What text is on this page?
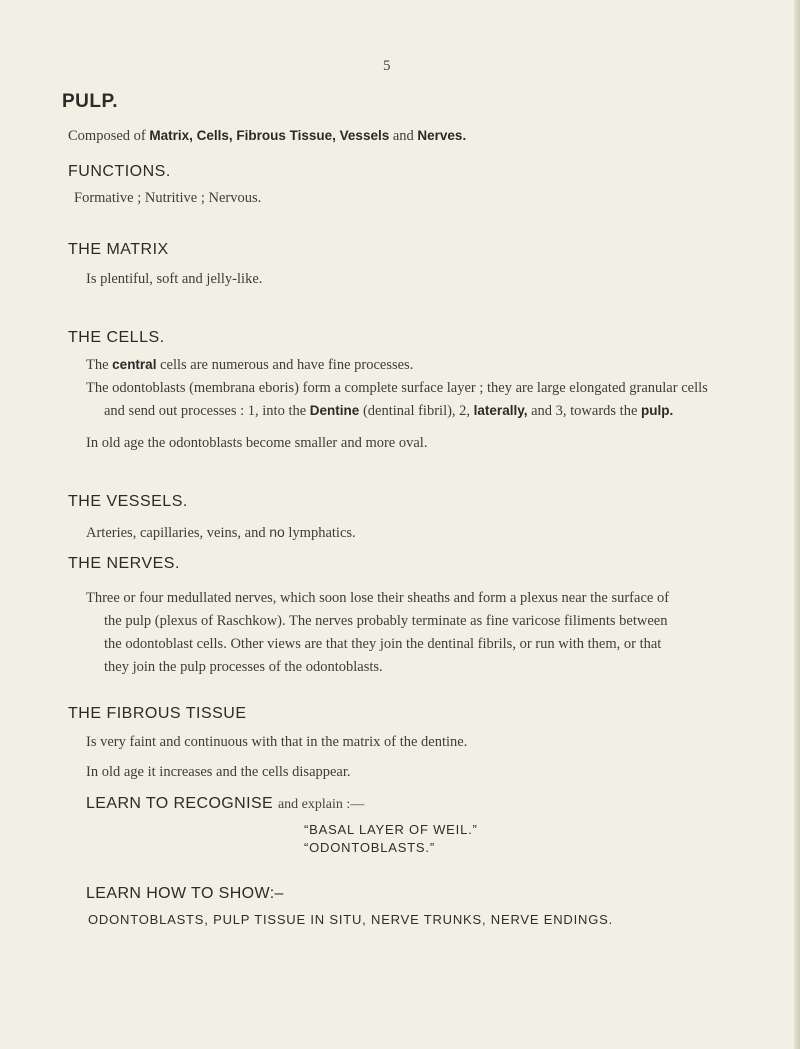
5
PULP.
Composed of Matrix, Cells, Fibrous Tissue, Vessels and Nerves.
FUNCTIONS.
Formative ; Nutritive ; Nervous.
THE MATRIX
Is plentiful, soft and jelly-like.
THE CELLS.
The central cells are numerous and have fine processes.
The odontoblasts (membrana eboris) form a complete surface layer ; they are large elongated granular cells
and send out processes : 1, into the Dentine (dentinal fibril), 2, laterally, and 3, towards the pulp.
In old age the odontoblasts become smaller and more oval.
THE VESSELS.
Arteries, capillaries, veins, and no lymphatics.
THE NERVES.
Three or four medullated nerves, which soon lose their sheaths and form a plexus near the surface of
the pulp (plexus of Raschkow). The nerves probably terminate as fine varicose filiments between
the odontoblast cells. Other views are that they join the dentinal fibrils, or run with them, or that
they join the pulp processes of the odontoblasts.
THE FIBROUS TISSUE
Is very faint and continuous with that in the matrix of the dentine.
In old age it increases and the cells disappear.
LEARN TO RECOGNISE and explain :—
“BASAL LAYER OF WEIL.”
“ODONTOBLASTS.”
LEARN HOW TO SHOW:–
ODONTOBLASTS, PULP TISSUE IN SITU, NERVE TRUNKS, NERVE ENDINGS.
